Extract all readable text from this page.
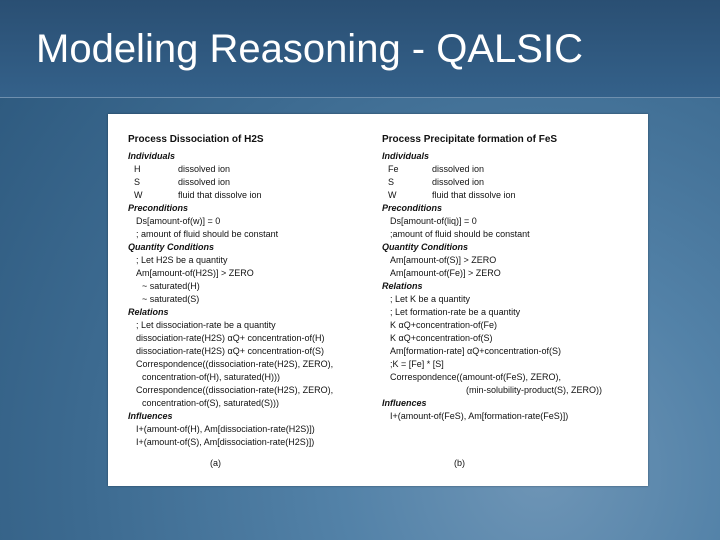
Modeling Reasoning - QALSIC
Process Dissociation of H2S
Individuals
H	dissolved ion
S	dissolved ion
W	fluid that dissolve ion
Preconditions
Ds[amount-of(w)] = 0
; amount of fluid should be constant
Quantity Conditions
; Let H2S be a quantity
Am[amount-of(H2S)] > ZERO
~ saturated(H)
~ saturated(S)
Relations
; Let dissociation-rate be a quantity
dissociation-rate(H2S) αQ+ concentration-of(H)
dissociation-rate(H2S) αQ+ concentration-of(S)
Correspondence((dissociation-rate(H2S), ZERO),
concentration-of(H), saturated(H)))
Correspondence((dissociation-rate(H2S), ZERO),
concentration-of(S), saturated(S)))
Influences
I+(amount-of(H), Am[dissociation-rate(H2S)])
I+(amount-of(S), Am[dissociation-rate(H2S)])
Process Precipitate formation of FeS
Individuals
Fe	dissolved ion
S	dissolved ion
W	fluid that dissolve ion
Preconditions
Ds[amount-of(liq)] = 0
;amount of fluid should be constant
Quantity Conditions
Am[amount-of(S)] > ZERO
Am[amount-of(Fe)] > ZERO
Relations
; Let K be a quantity
; Let formation-rate be a quantity
K αQ+concentration-of(Fe)
K αQ+concentration-of(S)
Am[formation-rate] αQ+concentration-of(S)
;K = [Fe] * [S]
Correspondence((amount-of(FeS), ZERO),
(min-solubility-product(S), ZERO))
Influences
I+(amount-of(FeS), Am[formation-rate(FeS)])
(a)	(b)
